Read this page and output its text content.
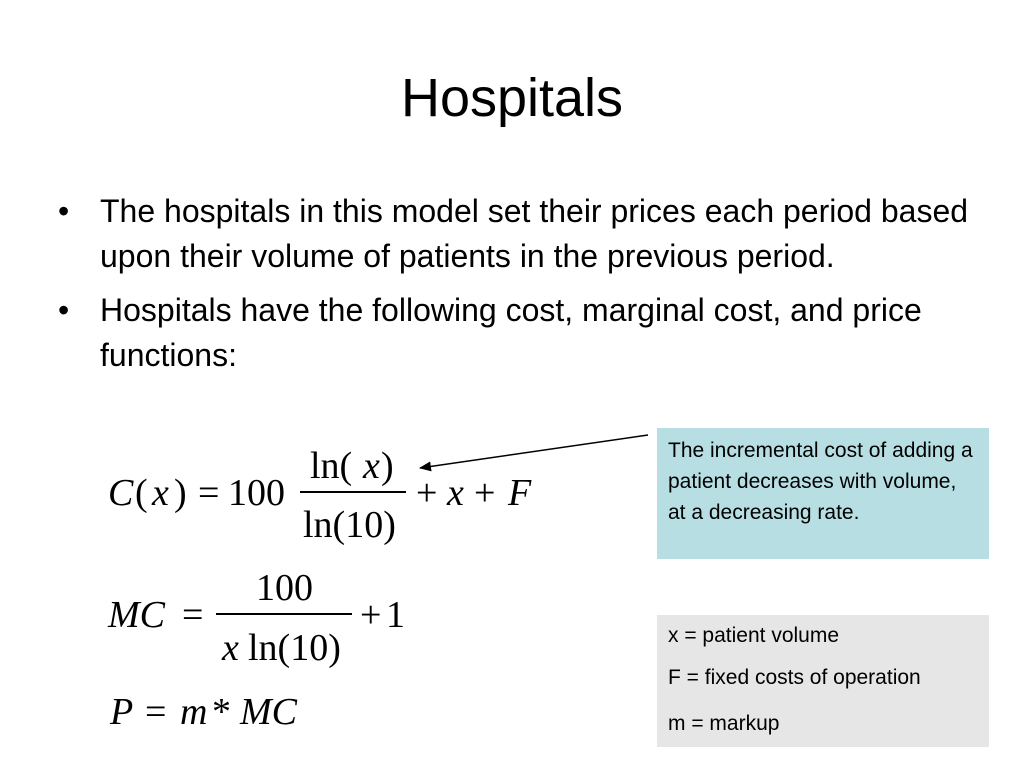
Hospitals
• The hospitals in this model set their prices each period based upon their volume of patients in the previous period.
• Hospitals have the following cost, marginal cost, and price functions:
C ( x ) = 100
ln( x )
ln(10)
+ x + F
MC =
100
x ln(10)
+ 1
P = m * MC
The incremental cost of adding a patient decreases with volume, at a decreasing rate.
x = patient volume
F = fixed costs of operation
m = markup
